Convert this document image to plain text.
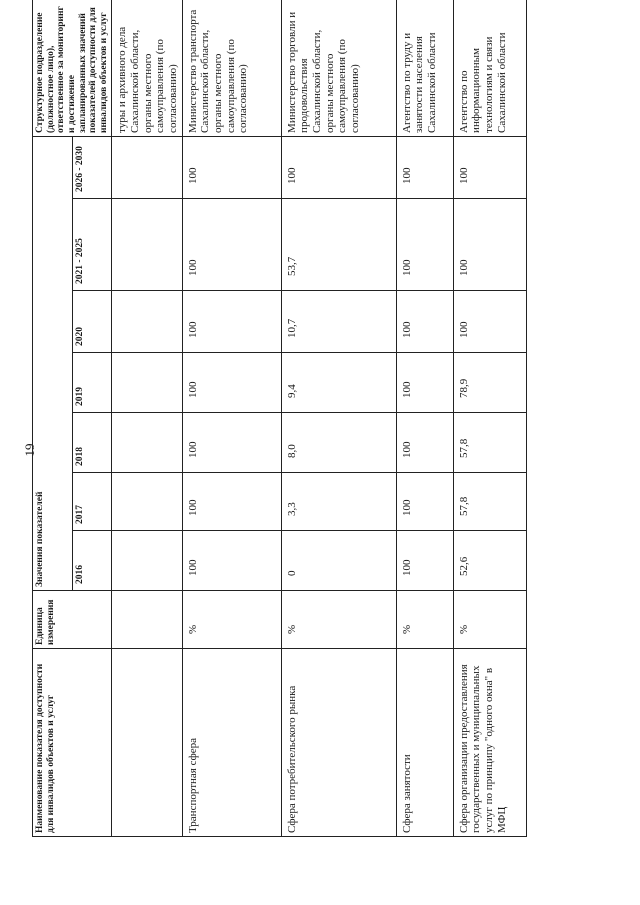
19
Наименование показателя доступности для инвалидов объектов и услуг	Единица измерения	Значения показателей							Структурное подразделение (должностное лицо), ответственное за мониторинг и достижение запланированных значений показателей доступности для инвалидов объектов и услуг
		2016	2017	2018	2019	2020	2021 - 2025	2026 - 2030	
									туры и архивного дела Сахалинской области, органы местного самоуправления (по согласованию)
Транспортная сфера	%	100	100	100	100	100	100	100	Министерство транспорта Сахалинской области, органы местного самоуправления (по согласованию)
Сфера потребительского рынка	%	0	3,3	8,0	9,4	10,7	53,7	100	Министерство торговли и продовольствия Сахалинской области, органы местного самоуправления (по согласованию)
Сфера занятости	%	100	100	100	100	100	100	100	Агентство по труду и занятости населения Сахалинской области
Сфера организации предоставления государственных и муниципальных услуг по принципу "одного окна" в МФЦ	%	52,6	57,8	57,8	78,9	100	100	100	Агентство по информационным технологиям и связи Сахалинской области
